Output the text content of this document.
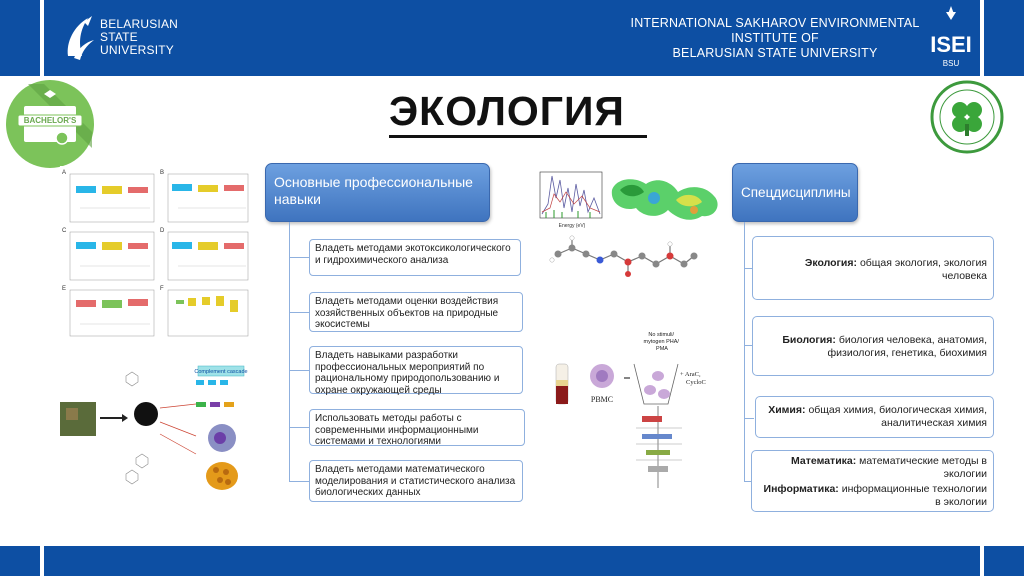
BELARUSIAN
STATE
UNIVERSITY
INTERNATIONAL SAKHAROV ENVIRONMENTAL
INSTITUTE OF
BELARUSIAN STATE UNIVERSITY	ISEI
BSU
BACHELOR'S	ЭКОЛОГИЯ
A	B
C	D
E	F
Complement cascade
Основные профессиональные навыки
Владеть методами экотоксикологического и гидрохимического анализа
Владеть методами оценки воздействия хозяйственных объектов на природные экосистемы
Владеть навыками разработки профессиональных мероприятий по рациональному природопользованию и охране окружающей среды
Использовать методы работы с современными информационными системами и технологиями
Владеть методами математического моделирования и статистического анализа биологических данных
Energy (eV)
No stimuli/ mytogen PHA/ PMA
PBMC
+ AraC, CycloC
Спецдисциплины
Экология: общая экология, экология человека
Биология: биология человека, анатомия, физиология, генетика, биохимия
Химия: общая химия, биологическая химия, аналитическая химия
Математика: математические методы в экологии
Информатика: информационные технологии в экологии
